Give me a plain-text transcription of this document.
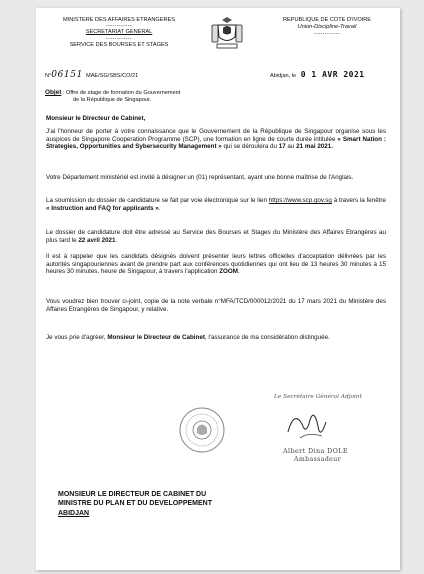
MINISTERE DES AFFAIRES ETRANGERES
------------
SECRETARIAT GENERAL
------------
SERVICE DES BOURSES ET STAGES
REPUBLIQUE DE COTE D'IVOIRE
Union-Discipline-Travail
------------
N°06151 MAE/SG/SBS/CO/21	Abidjan, le 0 1 AVR 2021
Objet : Offre de stage de formation du Gouvernement
de la République de Singapour.
Monsieur le Directeur de Cabinet,
J'ai l'honneur de porter à votre connaissance que le Gouvernement de la République de Singapour organise sous les auspices de Singapore Cooperation Programme (SCP), une formation en ligne de courte durée intitulée « Smart Nation : Strategies, Opportunities and Sybersecurity Management » qui se déroulera du 17 au 21 mai 2021.
Votre Département ministériel est invité à désigner un (01) représentant, ayant une bonne maîtrise de l'Anglais.
La soumission du dossier de candidature se fait par voie électronique sur le lien https://www.scp.gov.sg à travers la fenêtre « Instruction and FAQ for applicants ».
Le dossier de candidature doit être adressé au Service des Bourses et Stages du Ministère des Affaires Etrangères au plus tard le 22 avril 2021.
Il est à rappeler que les candidats désignés doivent présenter leurs lettres officielles d'acceptation délivrées par les autorités singapouriennes avant de prendre part aux conférences quotidiennes qui ont lieu de 13 heures 30 minutes à 15 heures 30 minutes, heure de Singapour, à travers l'application ZOOM.
Vous voudrez bien trouver ci-joint, copie de la note verbale n°MFA/TCD/000012/2021 du 17 mars 2021 du Ministère des Affaires Etrangères de Singapour, y relative.
Je vous prie d'agréer, Monsieur le Directeur de Cabinet, l'assurance de ma considération distinguée.
Le Secrétaire Général Adjoint
Albert Dina DOLE
Ambassadeur
MONSIEUR LE DIRECTEUR DE CABINET DU
MINISTRE DU PLAN ET DU DEVELOPPEMENT
ABIDJAN
